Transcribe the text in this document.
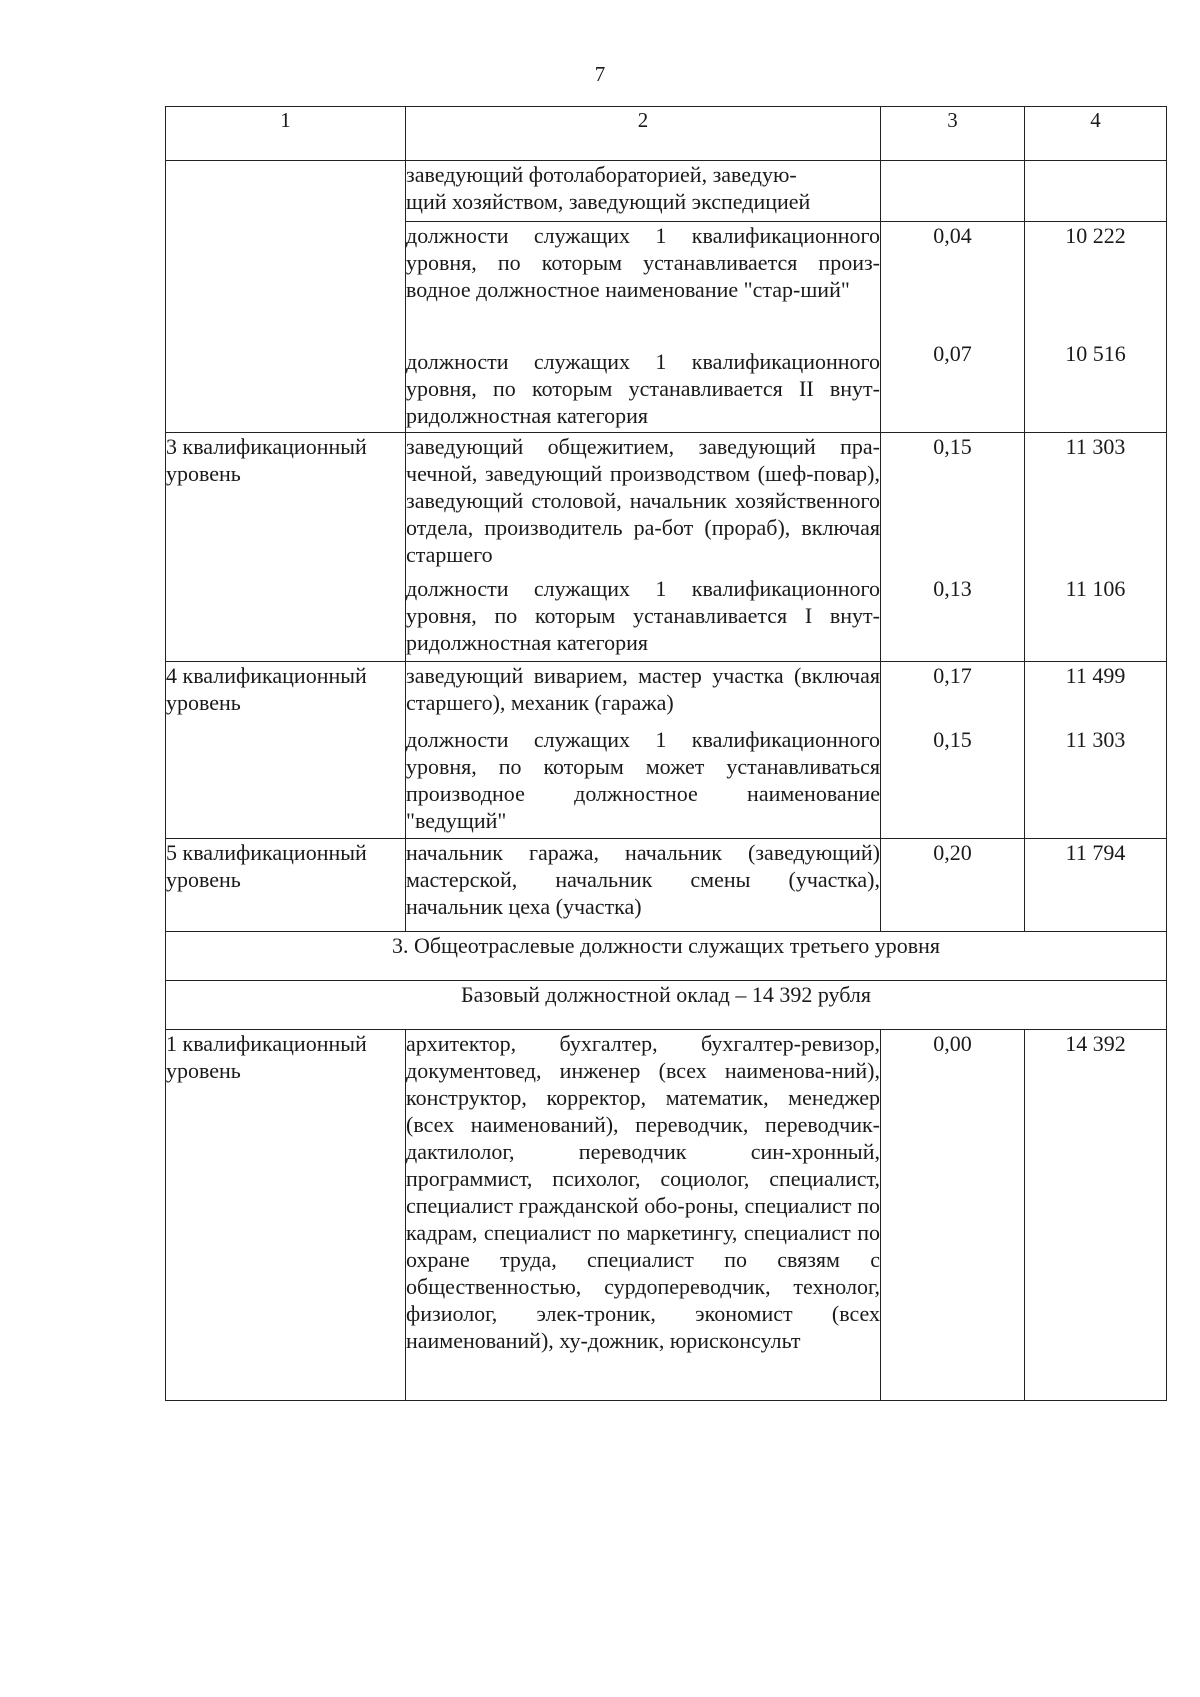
7
1	2	3	4
	заведующий фотолабораторией, заведую-
щий хозяйством, заведующий экспедицией		
	должности служащих 1 квалификационного уровня, по которым устанавливается произ-водное должностное наименование "стар-ший"	0,04	10 222
	должности служащих 1 квалификационного уровня, по которым устанавливается II внут-ридолжностная категория	0,07	10 516
3 квалификационный уровень	заведующий общежитием, заведующий пра-чечной, заведующий производством (шеф-повар), заведующий столовой, начальник хозяйственного отдела, производитель ра-бот (прораб), включая старшего	0,15	11 303
	должности служащих 1 квалификационного уровня, по которым устанавливается I внут-ридолжностная категория	0,13	11 106
4 квалификационный уровень	заведующий виварием, мастер участка (включая старшего), механик (гаража)	0,17	11 499
	должности служащих 1 квалификационного уровня, по которым может устанавливаться производное должностное наименование "ведущий"	0,15	11 303
5 квалификационный уровень	начальник гаража, начальник (заведующий) мастерской, начальник смены (участка), начальник цеха (участка)	0,20	11 794
3. Общеотраслевые должности служащих третьего уровня			
Базовый должностной оклад – 14 392 рубля			
1 квалификационный уровень	архитектор, бухгалтер, бухгалтер-ревизор, документовед, инженер (всех наименова-ний), конструктор, корректор, математик, менеджер (всех наименований), переводчик, переводчик-дактилолог, переводчик син-хронный, программист, психолог, социолог, специалист, специалист гражданской обо-роны, специалист по кадрам, специалист по маркетингу, специалист по охране труда, специалист по связям с общественностью, сурдопереводчик, технолог, физиолог, элек-троник, экономист (всех наименований), ху-дожник, юрисконсульт	0,00	14 392
